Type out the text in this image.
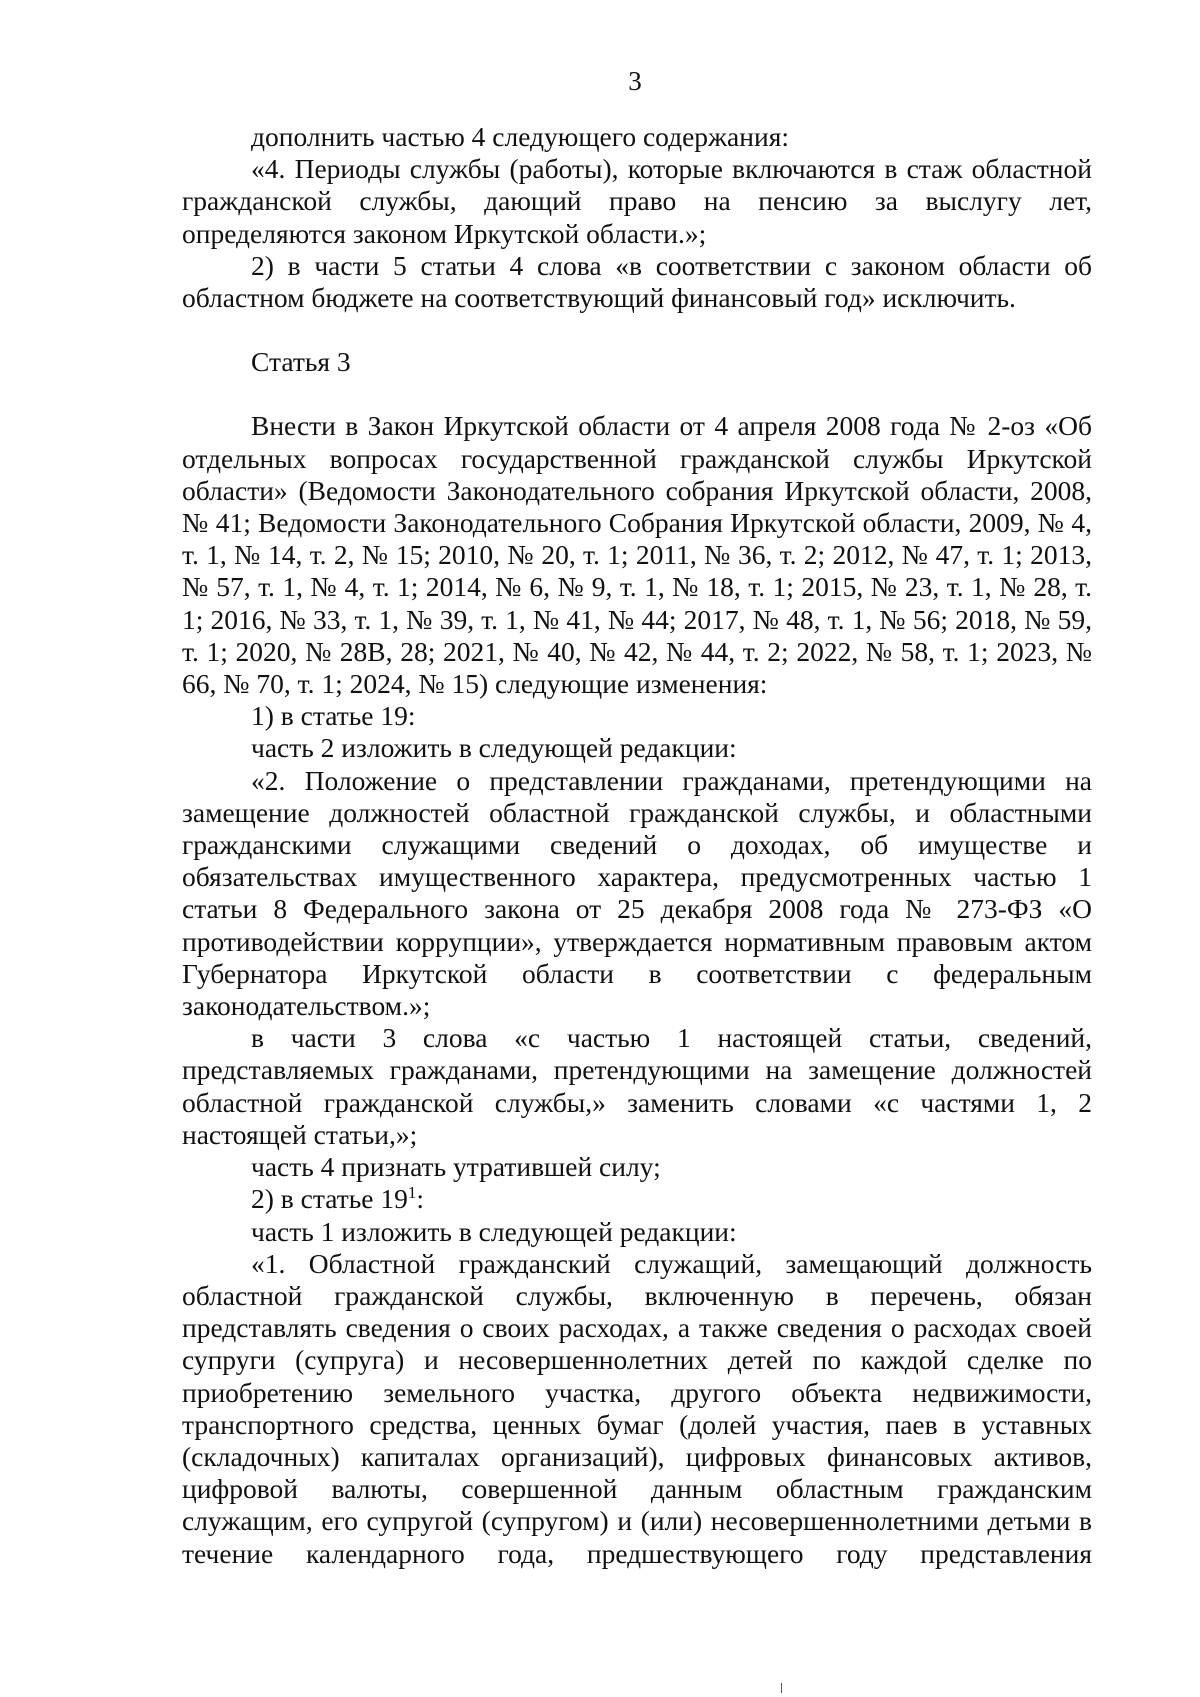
3

дополнить частью 4 следующего содержания:

«4. Периоды службы (работы), которые включаются в стаж областной гражданской службы, дающий право на пенсию за выслугу лет, определяются законом Иркутской области.»;

2) в части 5 статьи 4 слова «в соответствии с законом области об областном бюджете на соответствующий финансовый год» исключить.

Статья 3

Внести в Закон Иркутской области от 4 апреля 2008 года № 2-оз «Об отдельных вопросах государственной гражданской службы Иркутской области» (Ведомости Законодательного собрания Иркутской области, 2008, № 41; Ведомости Законодательного Собрания Иркутской области, 2009, № 4, т. 1, № 14, т. 2, № 15; 2010, № 20, т. 1; 2011, № 36, т. 2; 2012, № 47, т. 1; 2013, № 57, т. 1, № 4, т. 1; 2014, № 6, № 9, т. 1, № 18, т. 1; 2015, № 23, т. 1, № 28, т. 1; 2016, № 33, т. 1, № 39, т. 1, № 41, № 44; 2017, № 48, т. 1, № 56; 2018, № 59, т. 1; 2020, № 28В, 28; 2021, № 40, № 42, № 44, т. 2; 2022, № 58, т. 1; 2023, № 66, № 70, т. 1; 2024, № 15) следующие изменения:

1) в статье 19:

часть 2 изложить в следующей редакции:

«2. Положение о представлении гражданами, претендующими на замещение должностей областной гражданской службы, и областными гражданскими служащими сведений о доходах, об имуществе и обязательствах имущественного характера, предусмотренных частью 1 статьи 8 Федерального закона от 25 декабря 2008 года № 273-ФЗ «О противодействии коррупции», утверждается нормативным правовым актом Губернатора Иркутской области в соответствии с федеральным законодательством.»;

в части 3 слова «с частью 1 настоящей статьи, сведений, представляемых гражданами, претендующими на замещение должностей областной гражданской службы,» заменить словами «с частями 1, 2 настоящей статьи,»;

часть 4 признать утратившей силу;

2) в статье $19^1$:

часть 1 изложить в следующей редакции:

«1. Областной гражданский служащий, замещающий должность областной гражданской службы, включенную в перечень, обязан представлять сведения о своих расходах, а также сведения о расходах своей супруги (супруга) и несовершеннолетних детей по каждой сделке по приобретению земельного участка, другого объекта недвижимости, транспортного средства, ценных бумаг (долей участия, паев в уставных (складочных) капиталах организаций), цифровых финансовых активов, цифровой валюты, совершенной данным областным гражданским служащим, его супругой (супругом) и (или) несовершеннолетними детьми в течение календарного года, предшествующего году представления
